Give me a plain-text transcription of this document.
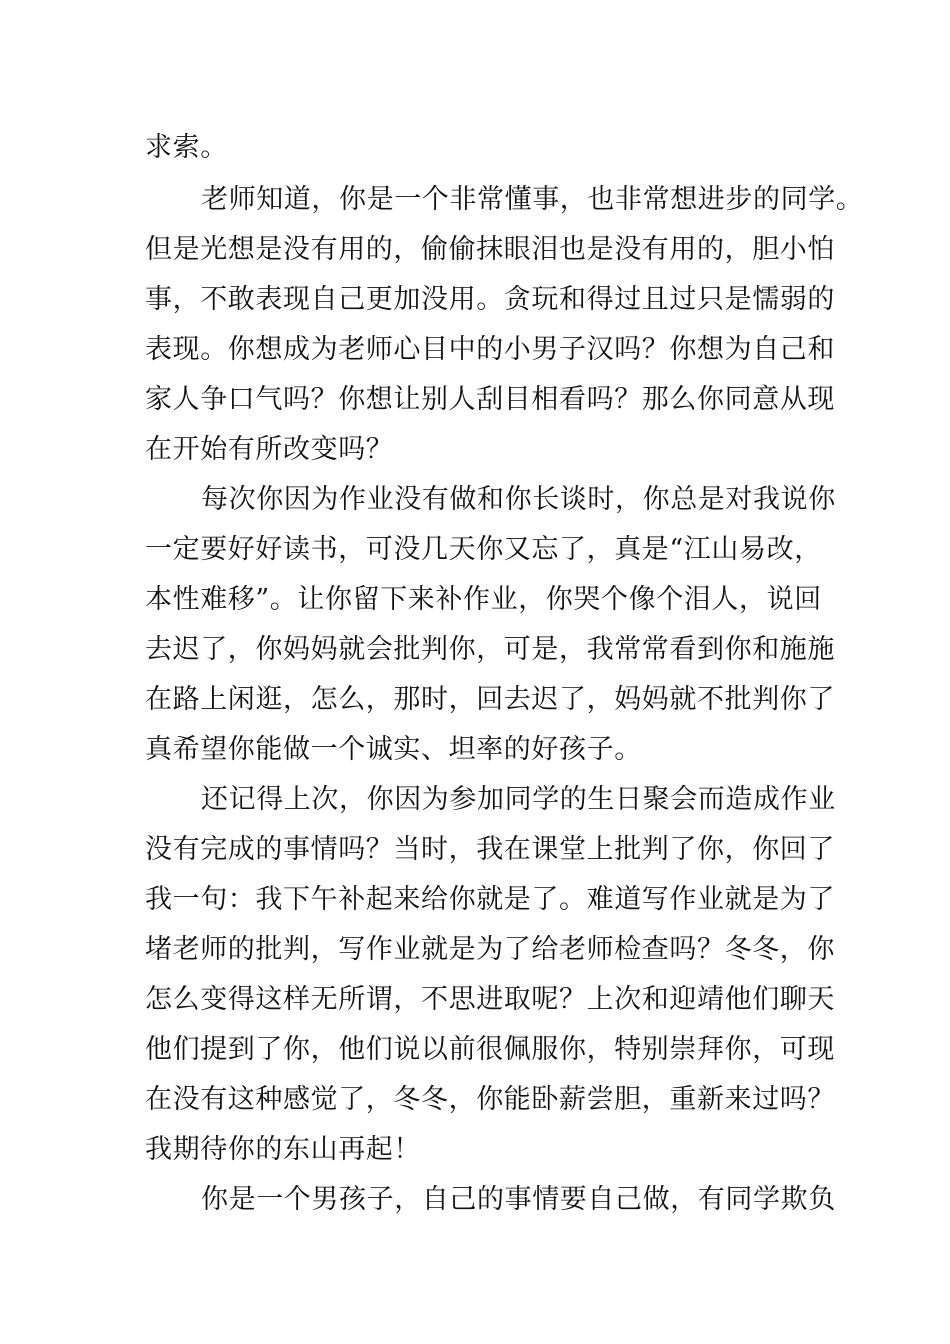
求索。
老师知道，你是一个非常懂事，也非常想进步的同学。
但是光想是没有用的，偷偷抹眼泪也是没有用的，胆小怕
事，不敢表现自己更加没用。贪玩和得过且过只是懦弱的
表现。你想成为老师心目中的小男子汉吗？你想为自己和
家人争口气吗？你想让别人刮目相看吗？那么你同意从现
在开始有所改变吗？
每次你因为作业没有做和你长谈时，你总是对我说你
一定要好好读书，可没几天你又忘了，真是“江山易改，
本性难移”。让你留下来补作业，你哭个像个泪人，说回
去迟了，你妈妈就会批判你，可是，我常常看到你和施施
在路上闲逛，怎么，那时，回去迟了，妈妈就不批判你了
真希望你能做一个诚实、坦率的好孩子。
还记得上次，你因为参加同学的生日聚会而造成作业
没有完成的事情吗？当时，我在课堂上批判了你，你回了
我一句：我下午补起来给你就是了。难道写作业就是为了
堵老师的批判，写作业就是为了给老师检查吗？冬冬，你
怎么变得这样无所谓，不思进取呢？上次和迎靖他们聊天
他们提到了你，他们说以前很佩服你，特别崇拜你，可现
在没有这种感觉了，冬冬，你能卧薪尝胆，重新来过吗？
我期待你的东山再起！
你是一个男孩子，自己的事情要自己做，有同学欺负
